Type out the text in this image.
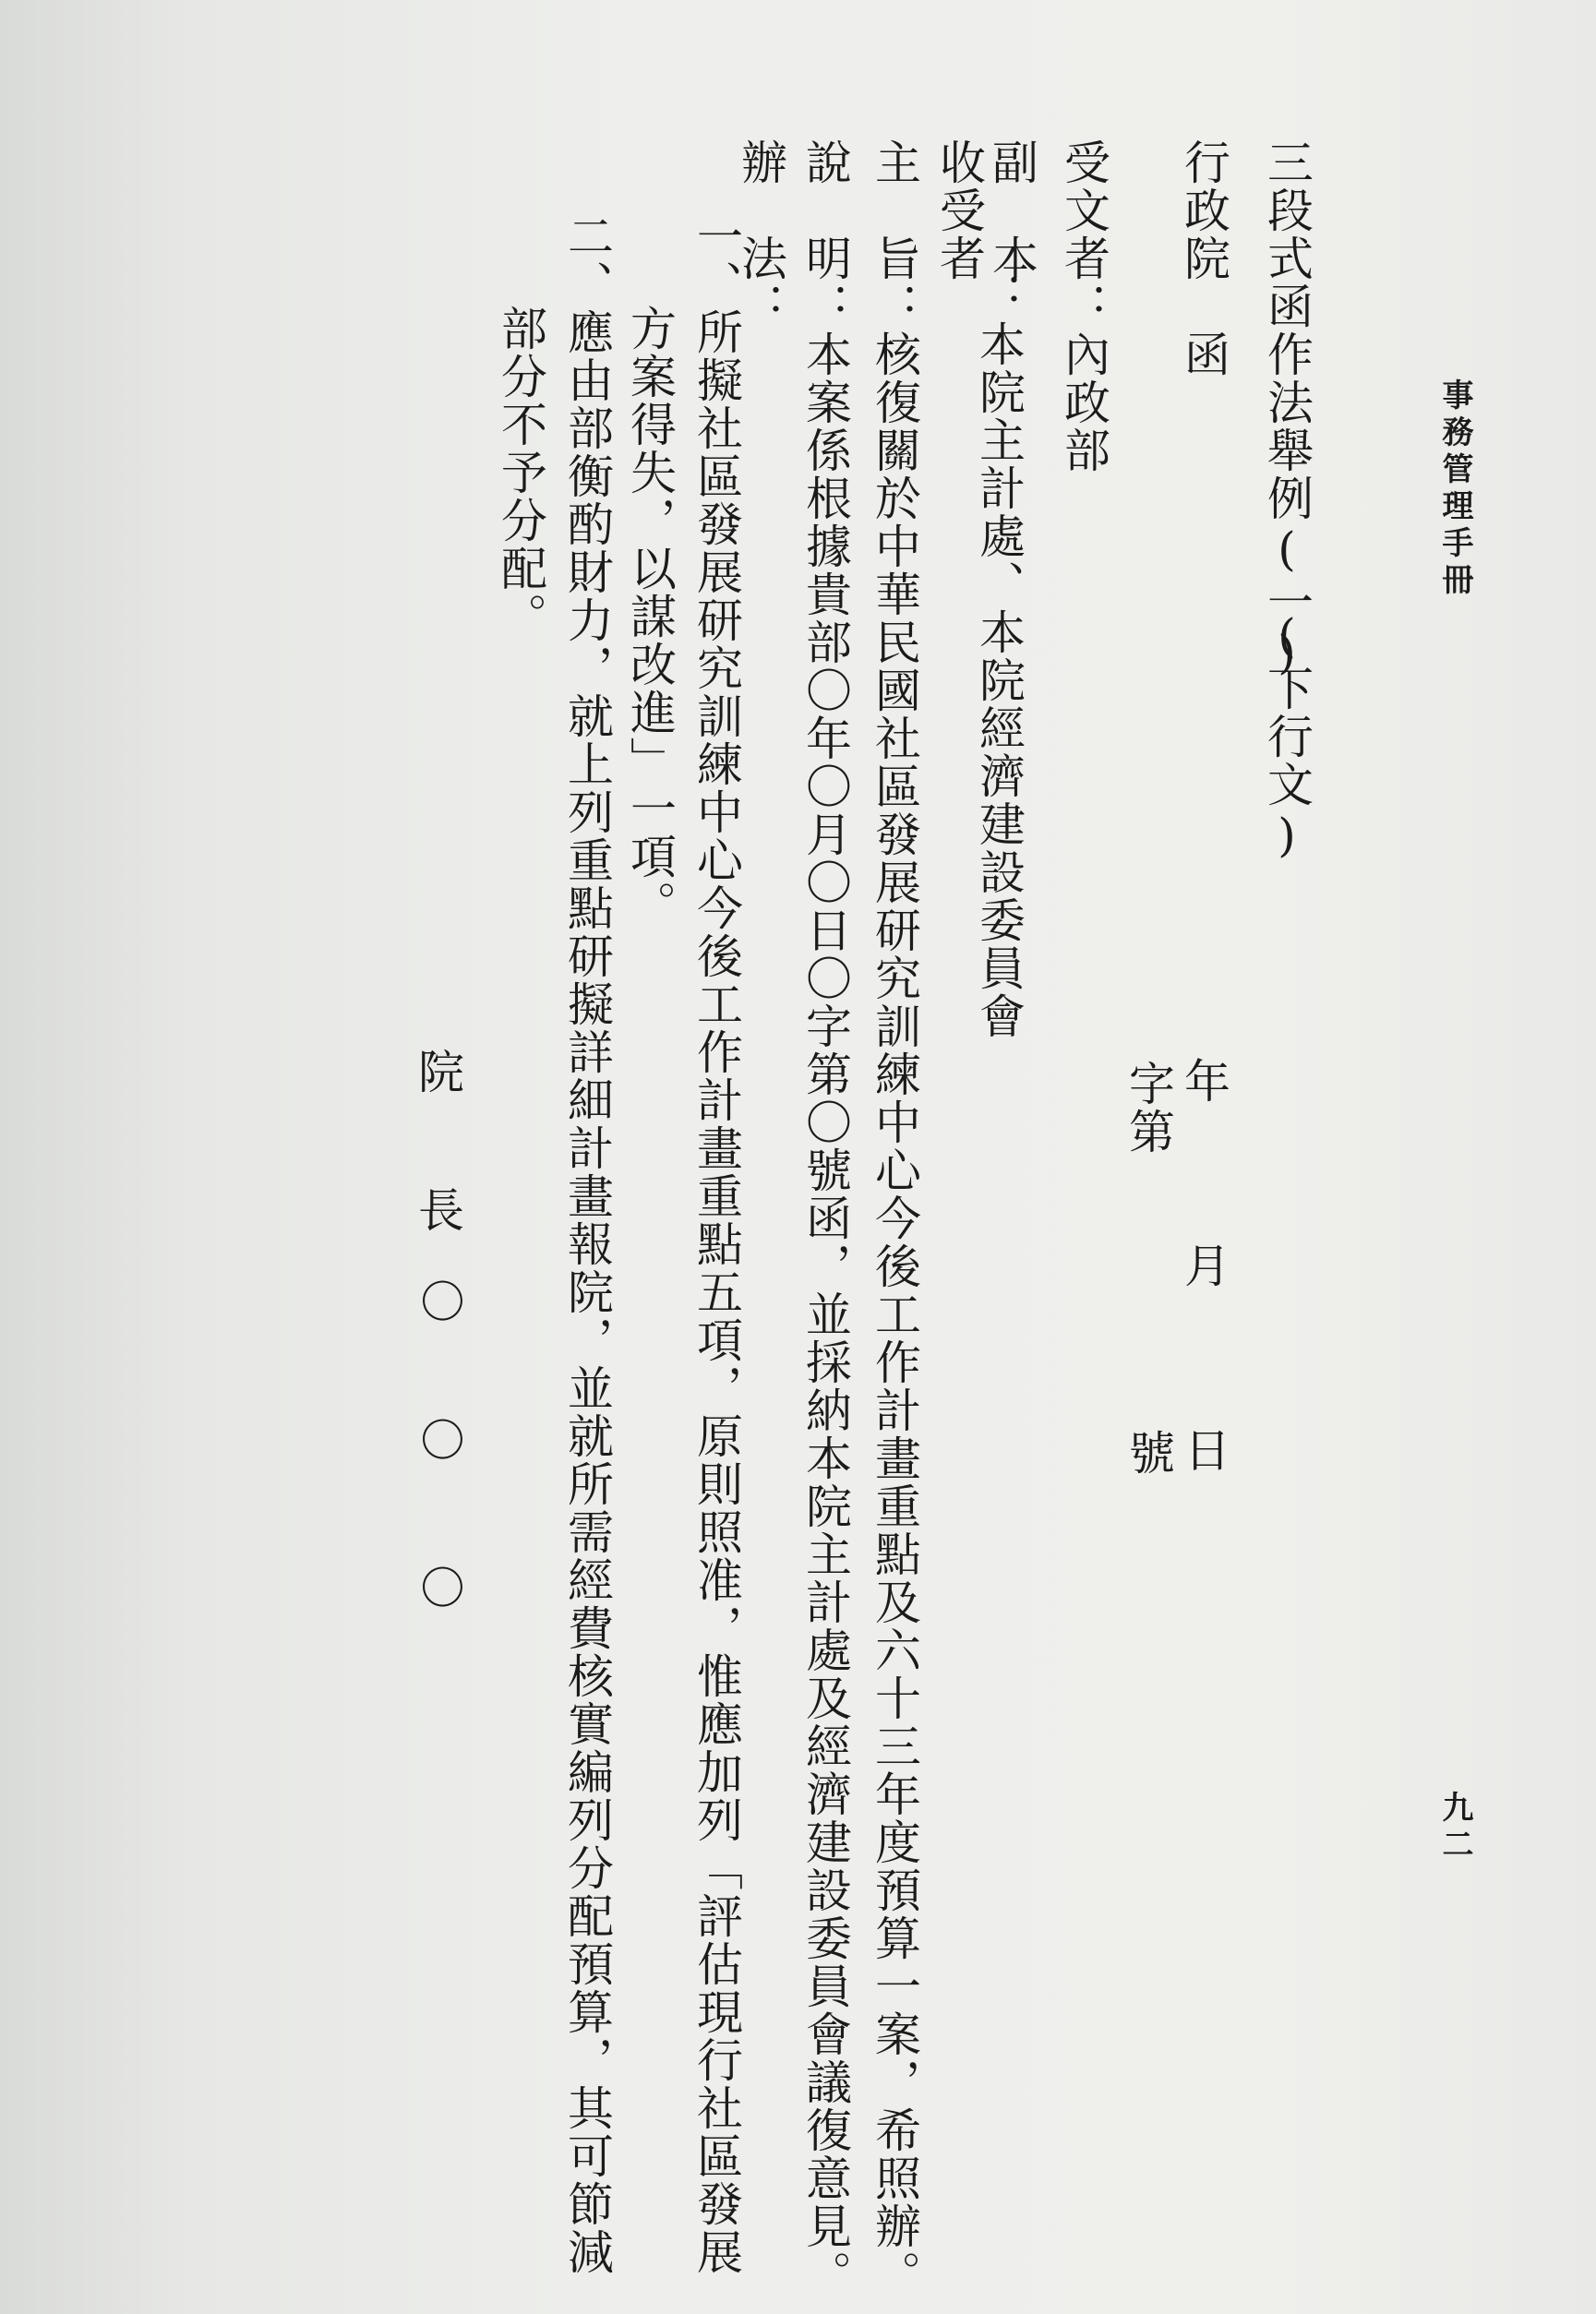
事務管理手冊
九二
三段式函作法舉例(一)
(下行文)
行政院　函
年
月
日
字第
號
受文者：內政部
副　本
收受者
：本院主計處、本院經濟建設委員會
主　旨：核復關於中華民國社區發展研究訓練中心今後工作計畫重點及六十三年度預算一案，希照辦。
說　明：本案係根據貴部〇年〇月〇日〇字第〇號函，並採納本院主計處及經濟建設委員會議復意見。
辦　法：
一、所擬社區發展研究訓練中心今後工作計畫重點五項，原則照准，惟應加列「評估現行社區發展
方案得失，以謀改進」一項。
二、應由部衡酌財力，就上列重點研擬詳細計畫報院，並就所需經費核實編列分配預算，其可節減
部分不予分配。
院
長
〇
〇
〇
